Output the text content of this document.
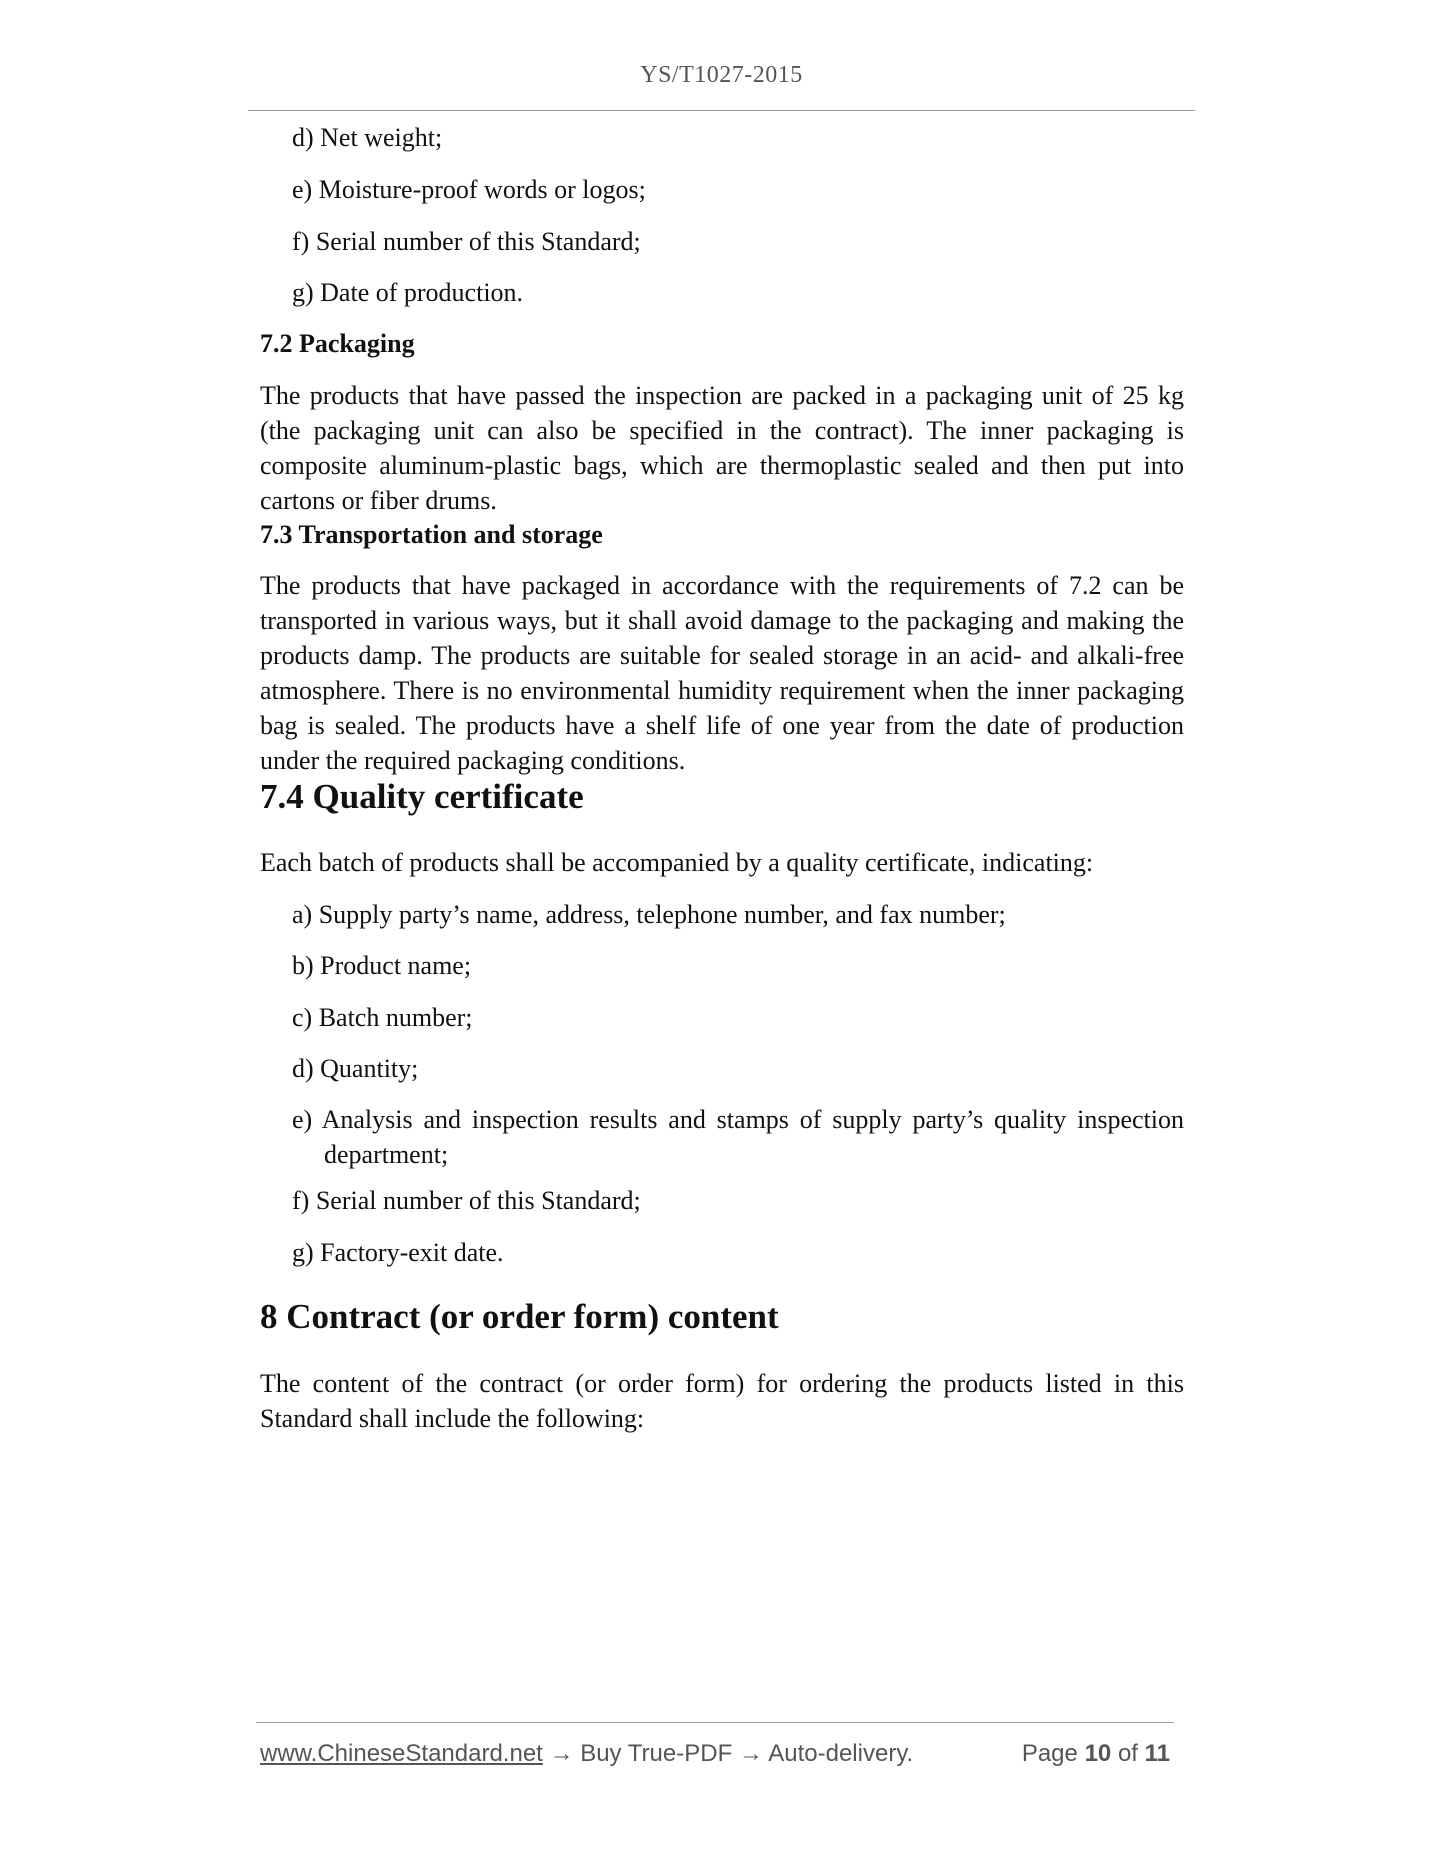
YS/T1027-2015

d) Net weight;

e) Moisture-proof words or logos;

f) Serial number of this Standard;

g) Date of production.

7.2 Packaging

The products that have passed the inspection are packed in a packaging unit of 25 kg (the packaging unit can also be specified in the contract). The inner packaging is composite aluminum-plastic bags, which are thermoplastic sealed and then put into cartons or fiber drums.

7.3 Transportation and storage

The products that have packaged in accordance with the requirements of 7.2 can be transported in various ways, but it shall avoid damage to the packaging and making the products damp. The products are suitable for sealed storage in an acid- and alkali-free atmosphere. There is no environmental humidity requirement when the inner packaging bag is sealed. The products have a shelf life of one year from the date of production under the required packaging conditions.

7.4 Quality certificate

Each batch of products shall be accompanied by a quality certificate, indicating:

a) Supply party’s name, address, telephone number, and fax number;

b) Product name;

c) Batch number;

d) Quantity;

e) Analysis and inspection results and stamps of supply party’s quality inspection department;

f) Serial number of this Standard;

g) Factory-exit date.

8 Contract (or order form) content

The content of the contract (or order form) for ordering the products listed in this Standard shall include the following:

www.ChineseStandard.net → Buy True-PDF → Auto-delivery.	Page 10 of 11
